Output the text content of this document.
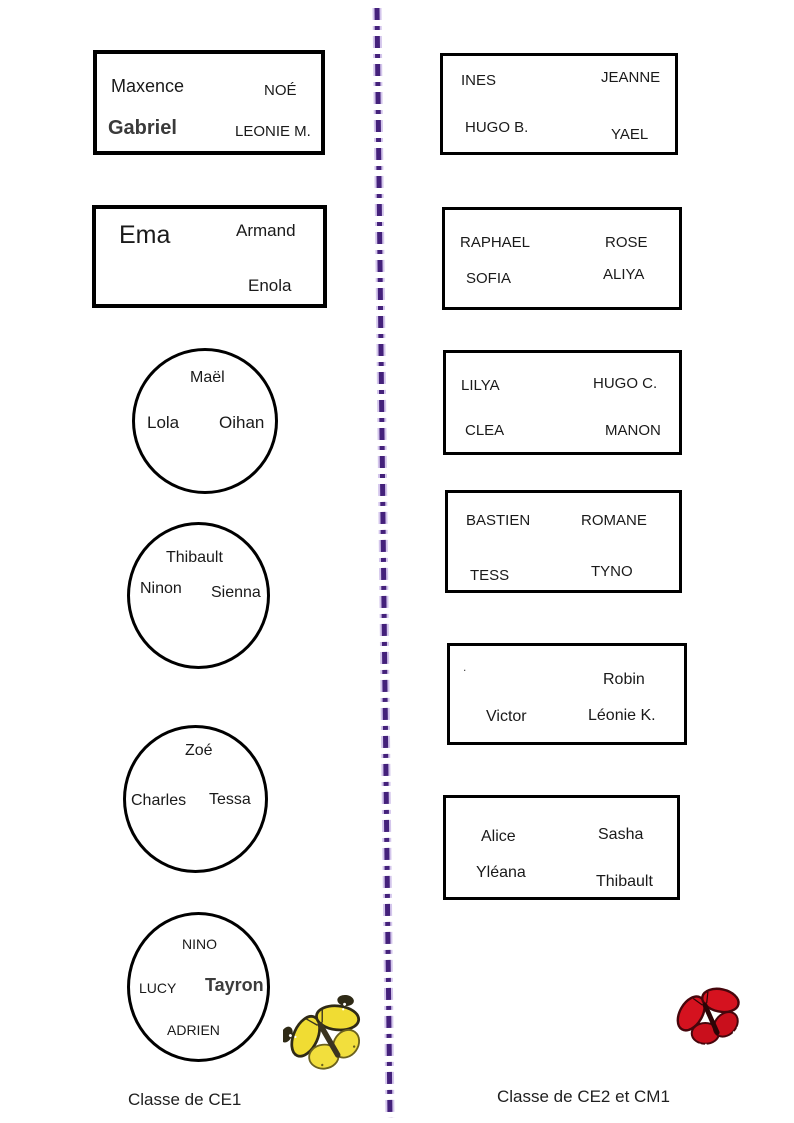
Maxence	NOÉ
Gabriel	LEONIE M.
Ema	Armand
Enola
Maël
Lola Oihan
Thibault
Ninon Sienna
Zoé
Charles Tessa
NINO
LUCY Tayron
ADRIEN
Classe de CE1
INES	JEANNE
HUGO B.	YAEL
RAPHAEL	ROSE
SOFIA	ALIYA
LILYA	HUGO C.
CLEA	MANON
BASTIEN	ROMANE
TESS	TYNO
.
Robin
Victor	Léonie K.
Alice	Sasha
Yléana
Thibault
Classe de CE2 et CM1
